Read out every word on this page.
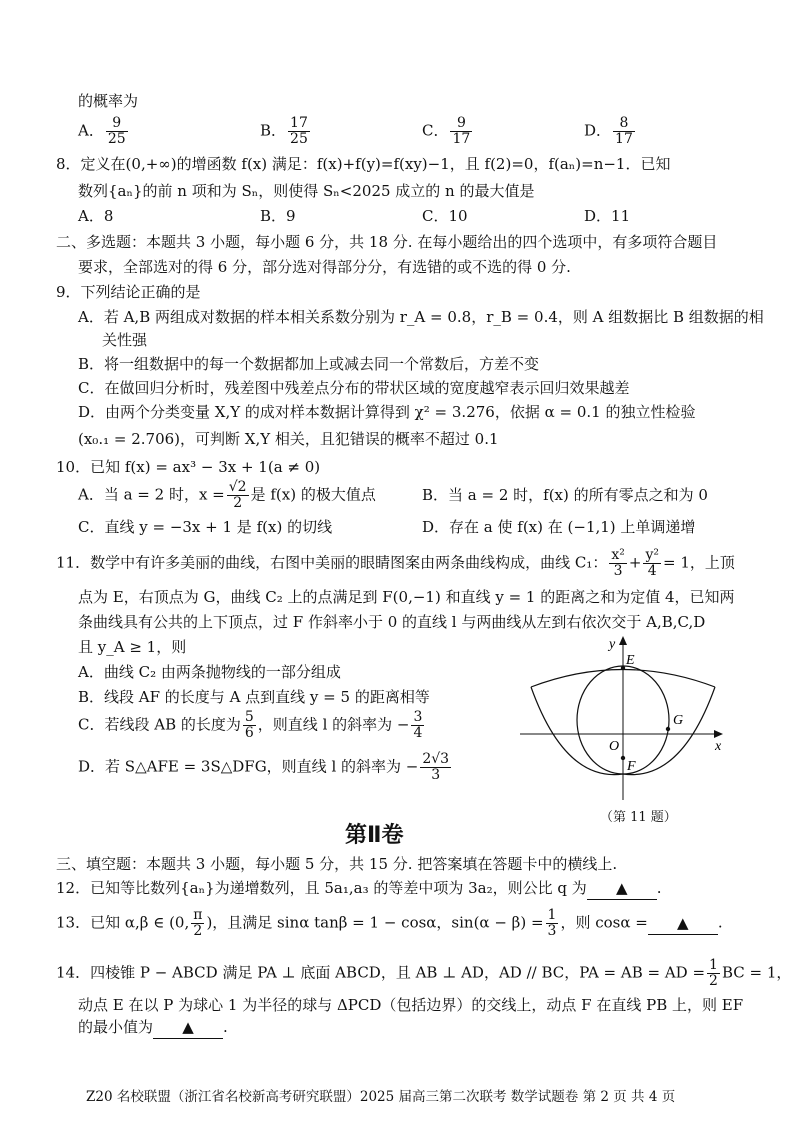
的概率为
A． $\frac{9}{25}$	B． $\frac{17}{25}$	C． $\frac{9}{17}$	D． $\frac{8}{17}$
8．定义在(0,+∞)的增函数 f(x) 满足：f(x)+f(y)=f(xy)−1，且 f(2)=0，f(aₙ)=n−1．已知
数列{aₙ}的前 n 项和为 Sₙ，则使得 Sₙ<2025 成立的 n 的最大值是
A．8	B．9	C．10	D．11
二、多选题：本题共 3 小题，每小题 6 分，共 18 分. 在每小题给出的四个选项中，有多项符合题目
要求，全部选对的得 6 分，部分选对得部分分，有选错的或不选的得 0 分.
9．下列结论正确的是
A．若 A,B 两组成对数据的样本相关系数分别为 r_A = 0.8，r_B = 0.4，则 A 组数据比 B 组数据的相
关性强
B．将一组数据中的每一个数据都加上或减去同一个常数后，方差不变
C．在做回归分析时，残差图中残差点分布的带状区域的宽度越窄表示回归效果越差
D．由两个分类变量 X,Y 的成对样本数据计算得到 χ² = 3.276，依据 α = 0.1 的独立性检验
(x₀.₁ = 2.706)，可判断 X,Y 相关，且犯错误的概率不超过 0.1
10．已知 f(x) = ax³ − 3x + 1(a ≠ 0)
A．当 a = 2 时，$x = \frac{√2}{2}$ 是 f(x) 的极大值点	B．当 a = 2 时，f(x) 的所有零点之和为 0
C．直线 y = −3x + 1 是 f(x) 的切线	D．存在 a 使 f(x) 在 (−1,1) 上单调递增
11．数学中有许多美丽的曲线，右图中美丽的眼睛图案由两条曲线构成，曲线 C₁： $\frac{\text{x²}}{3} + \frac{\text{y²}}{4} = 1$，上顶
点为 E，右顶点为 G，曲线 C₂ 上的点满足到 F(0,−1) 和直线 y = 1 的距离之和为定值 4，已知两
条曲线具有公共的上下顶点，过 F 作斜率小于 0 的直线 l 与两曲线从左到右依次交于 A,B,C,D
且 y_A ≥ 1，则
A．曲线 C₂ 由两条抛物线的一部分组成
B．线段 AF 的长度与 A 点到直线 y = 5 的距离相等
C．若线段 AB 的长度为 $\frac{5}{6}$ ，则直线 l 的斜率为 − $\frac{3}{4}$
D．若 S△AFE = 3S△DFG，则直线 l 的斜率为 − $\frac{2√3}{3}$
y
x
E
G
O
F
（第 11 题）
第Ⅱ卷
三、填空题：本题共 3 小题，每小题 5 分，共 15 分. 把答案填在答题卡中的横线上.
12．已知等比数列{aₙ}为递增数列，且 5a₁,a₃ 的等差中项为 3a₂，则公比 q 为 ▲ .
13．已知 α,β ∈ (0, $\frac{\pi}{2}$ )，且满足 sinα tanβ = 1 − cosα，$\sin(\alpha - \beta) = \frac{1}{3}$ ，则 cosα = ▲ .
14．四棱锥 P − ABCD 满足 PA ⊥ 底面 ABCD，且 AB ⊥ AD，AD // BC，PA = AB = AD = $\frac{1}{2}$ BC = 1，
动点 E 在以 P 为球心 1 为半径的球与 ΔPCD（包括边界）的交线上，动点 F 在直线 PB 上，则 EF
的最小值为 ▲ .
Z20 名校联盟（浙江省名校新高考研究联盟）2025 届高三第二次联考 数学试题卷 第 2 页 共 4 页
